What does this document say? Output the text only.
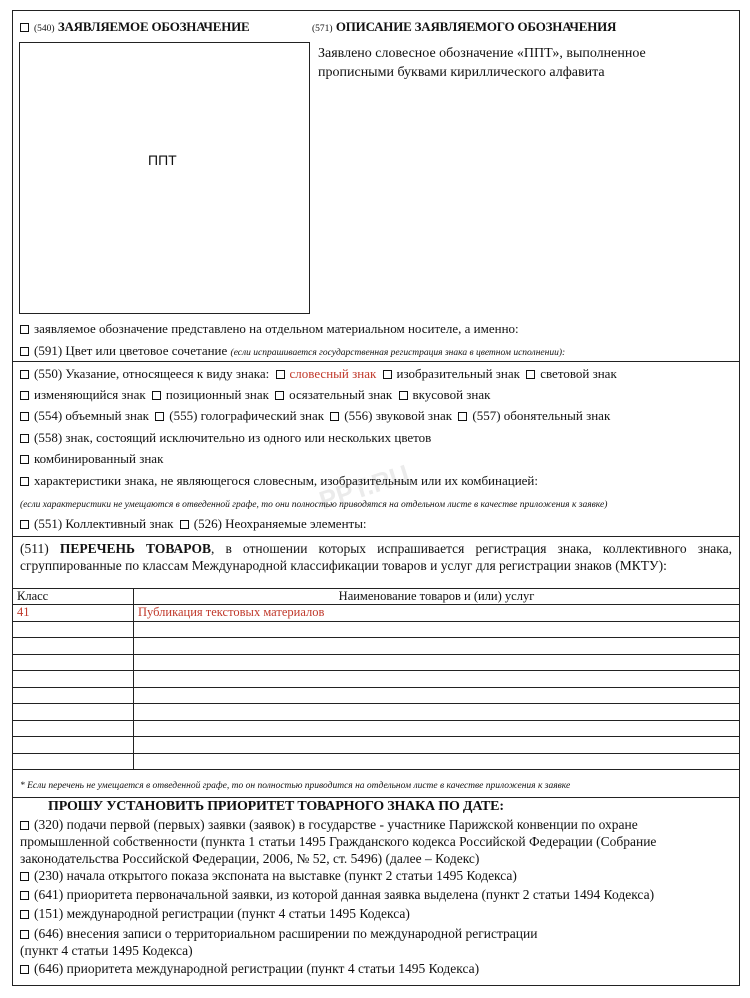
(540) ЗАЯВЛЯЕМОЕ ОБОЗНАЧЕНИЕ	(571) ОПИСАНИЕ ЗАЯВЛЯЕМОГО ОБОЗНАЧЕНИЯ
ППТ
Заявлено словесное обозначение «ППТ», выполненное
прописными буквами кириллического алфавита
заявляемое обозначение представлено на отдельном материальном носителе, а именно:
(591) Цвет или цветовое сочетание (если испрашивается государственная регистрация знака в цветном исполнении):
(550) Указание, относящееся к виду знака: словесный знак изобразительный знак световой знак
изменяющийся знак позиционный знак осязательный знак вкусовой знак
(554) объемный знак (555) голографический знак (556) звуковой знак (557) обонятельный знак
(558) знак, состоящий исключительно из одного или нескольких цветов
комбинированный знак
характеристики знака, не являющегося словесным, изобразительным или их комбинацией:
PPT.RU
(если характеристики не умещаются в отведенной графе, то они полностью приводятся на отдельном листе в качестве приложения к заявке)
(551) Коллективный знак (526) Неохраняемые элементы:
(511) ПЕРЕЧЕНЬ ТОВАРОВ, в отношении которых испрашивается регистрация знака, коллективного знака, сгруппированные по классам Международной классификации товаров и услуг для регистрации знаков (МКТУ):
Класс	Наименование товаров и (или) услуг
41	Публикация текстовых материалов

* Если перечень не умещается в отведенной графе, то он полностью приводится на отдельном листе в качестве приложения к заявке
ПРОШУ УСТАНОВИТЬ ПРИОРИТЕТ ТОВАРНОГО ЗНАКА ПО ДАТЕ:
(320) подачи первой (первых) заявки (заявок) в государстве - участнике Парижской конвенции по охране
промышленной собственности (пункта 1 статьи 1495 Гражданского кодекса Российской Федерации (Собрание
законодательства Российской Федерации, 2006, № 52, ст. 5496) (далее – Кодекс)
(230) начала открытого показа экспоната на выставке (пункт 2 статьи 1495 Кодекса)
(641) приоритета первоначальной заявки, из которой данная заявка выделена (пункт 2 статьи 1494 Кодекса)
(151) международной регистрации (пункт 4 статьи 1495 Кодекса)
(646) внесения записи о территориальном расширении по международной регистрации
(пункт 4 статьи 1495 Кодекса)
(646) приоритета международной регистрации (пункт 4 статьи 1495 Кодекса)
